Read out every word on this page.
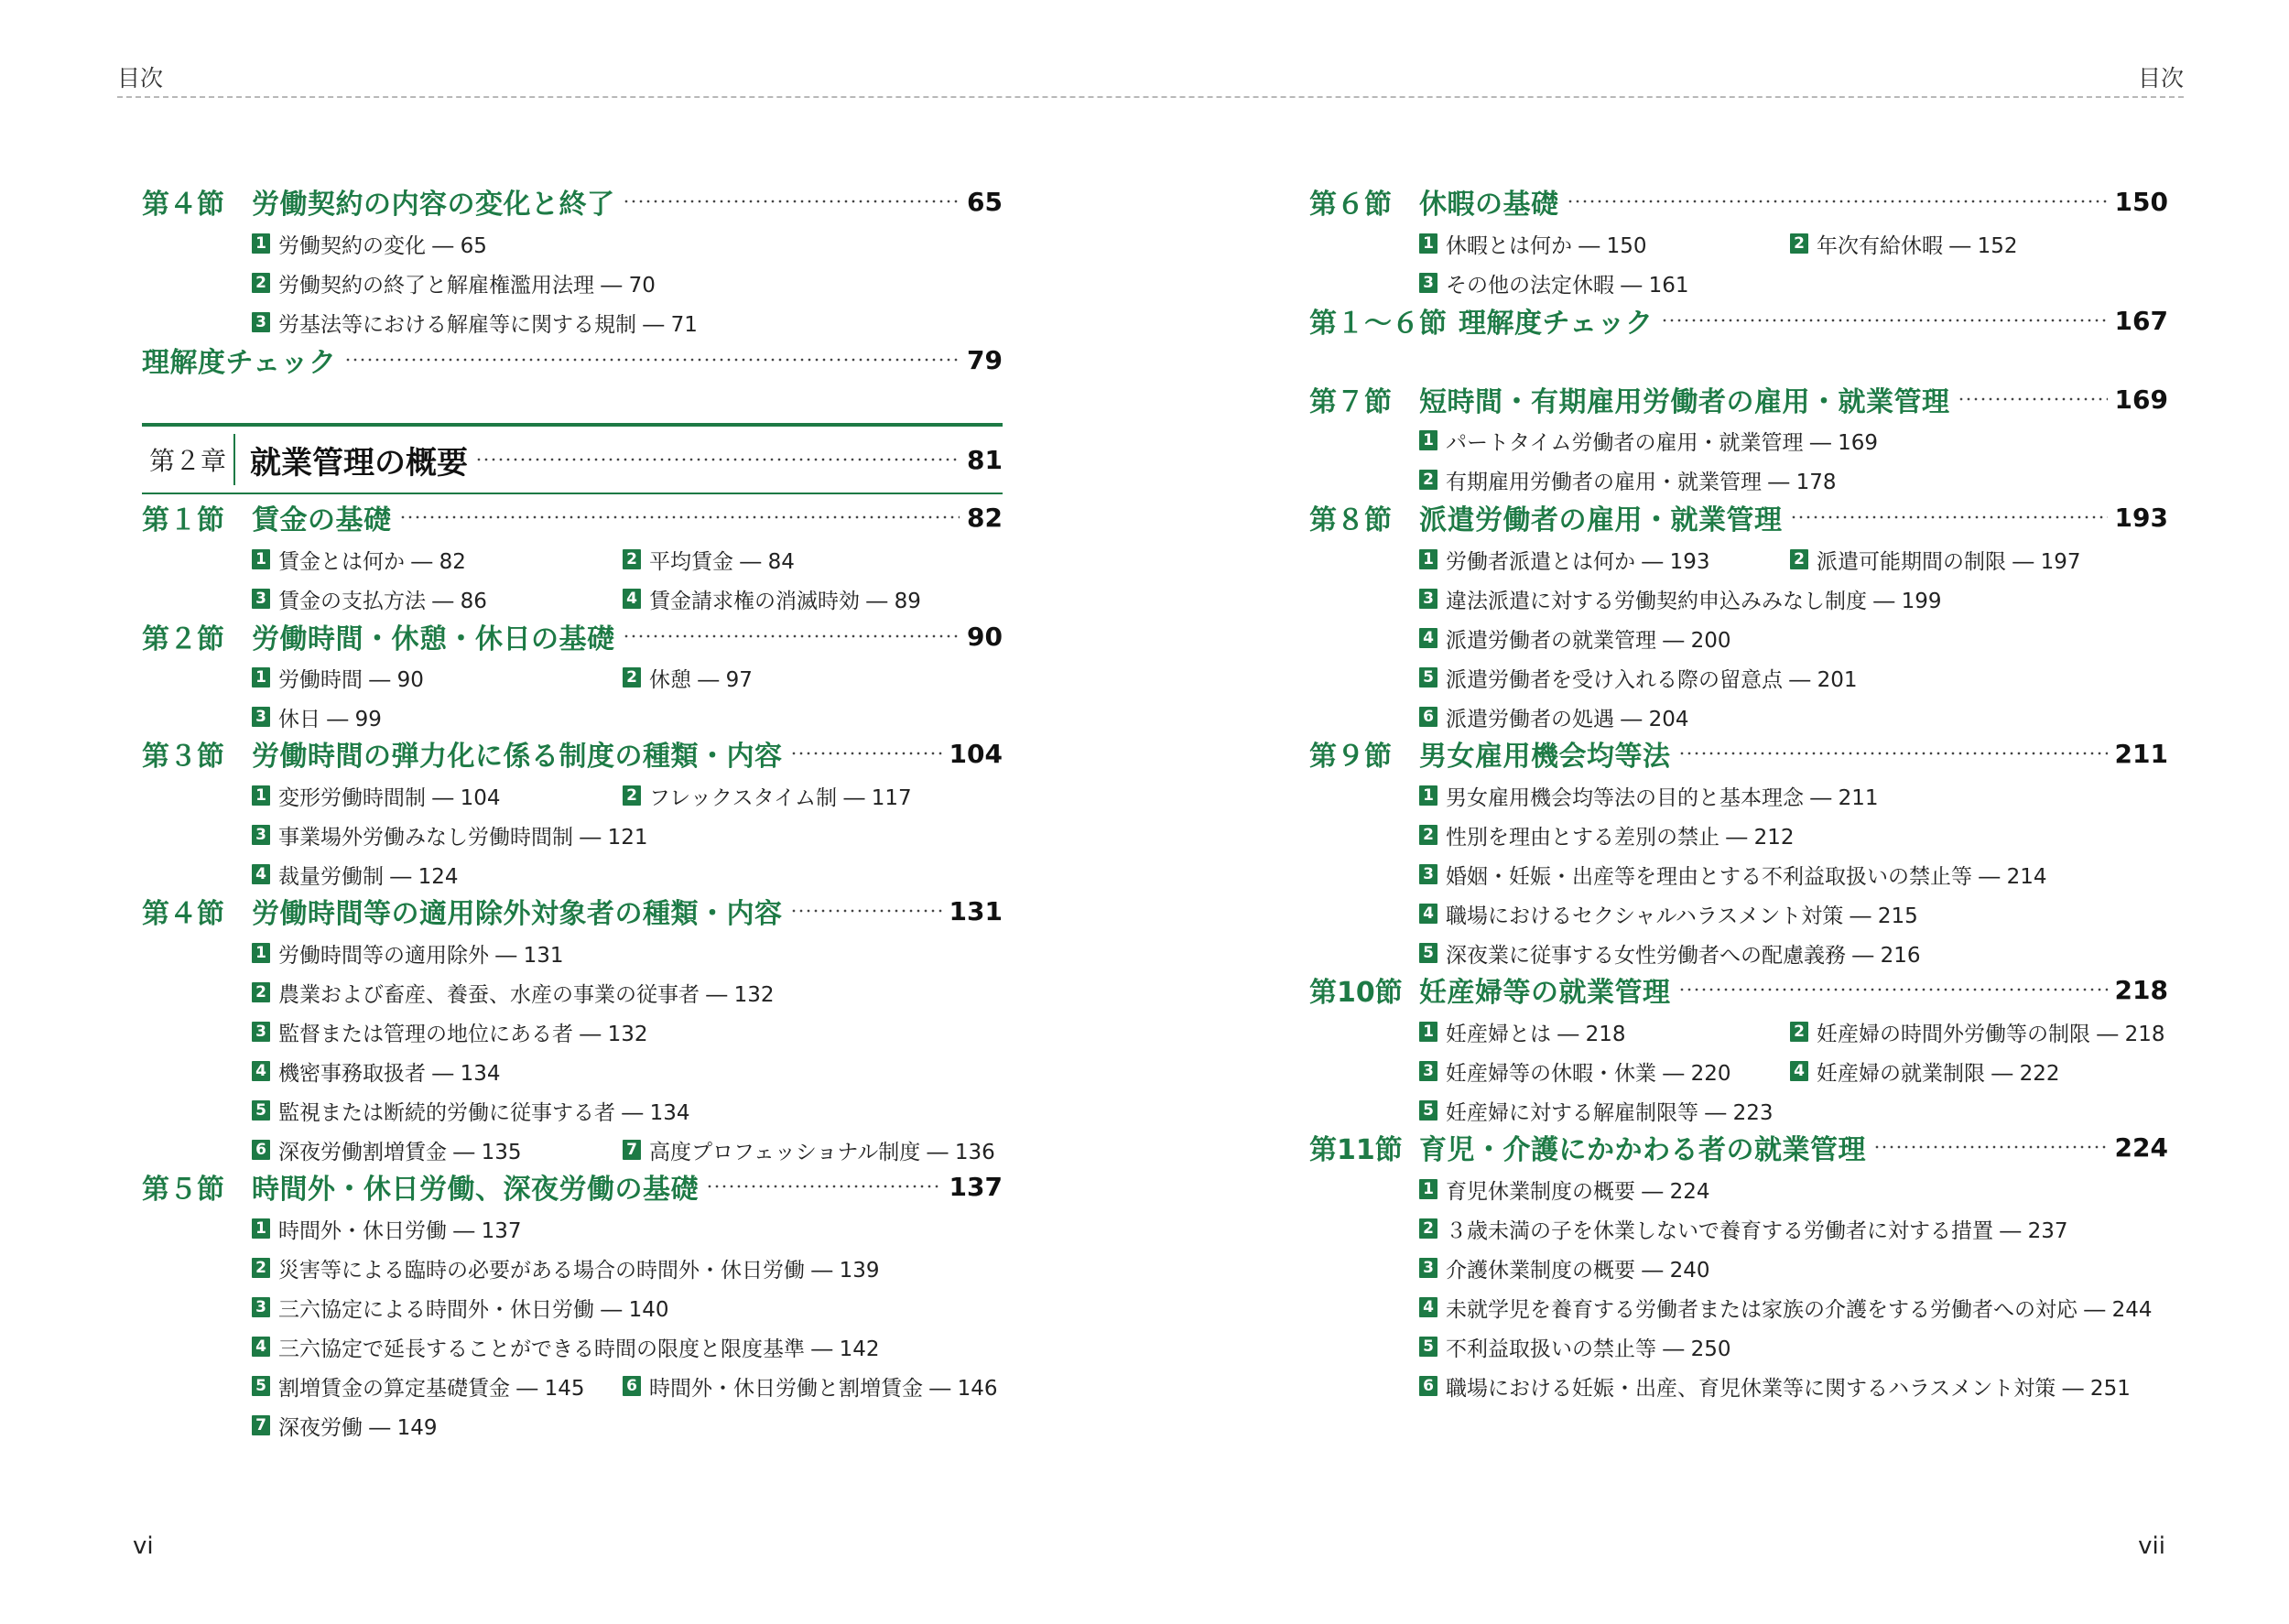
目次	目次
第４節	労働契約の内容の変化と終了	65
1 労働契約の変化 ― 65
2 労働契約の終了と解雇権濫用法理 ― 70
3 労基法等における解雇等に関する規制 ― 71
理解度チェック	79
第２章 就業管理の概要	81
第１節	賃金の基礎	82
1 賃金とは何か ― 82	2 平均賃金 ― 84
3 賃金の支払方法 ― 86	4 賃金請求権の消滅時効 ― 89
第２節	労働時間・休憩・休日の基礎	90
1 労働時間 ― 90	2 休憩 ― 97
3 休日 ― 99
第３節	労働時間の弾力化に係る制度の種類・内容	104
1 変形労働時間制 ― 104	2 フレックスタイム制 ― 117
3 事業場外労働みなし労働時間制 ― 121
4 裁量労働制 ― 124
第４節	労働時間等の適用除外対象者の種類・内容	131
1 労働時間等の適用除外 ― 131
2 農業および畜産、養蚕、水産の事業の従事者 ― 132
3 監督または管理の地位にある者 ― 132
4 機密事務取扱者 ― 134
5 監視または断続的労働に従事する者 ― 134
6 深夜労働割増賃金 ― 135	7 高度プロフェッショナル制度 ― 136
第５節	時間外・休日労働、深夜労働の基礎	137
1 時間外・休日労働 ― 137
2 災害等による臨時の必要がある場合の時間外・休日労働 ― 139
3 三六協定による時間外・休日労働 ― 140
4 三六協定で延長することができる時間の限度と限度基準 ― 142
5 割増賃金の算定基礎賃金 ― 145	6 時間外・休日労働と割増賃金 ― 146
7 深夜労働 ― 149
第６節	休暇の基礎	150
1 休暇とは何か ― 150	2 年次有給休暇 ― 152
3 その他の法定休暇 ― 161
第１～６節 理解度チェック	167
第７節	短時間・有期雇用労働者の雇用・就業管理	169
1 パートタイム労働者の雇用・就業管理 ― 169
2 有期雇用労働者の雇用・就業管理 ― 178
第８節	派遣労働者の雇用・就業管理	193
1 労働者派遣とは何か ― 193	2 派遣可能期間の制限 ― 197
3 違法派遣に対する労働契約申込みみなし制度 ― 199
4 派遣労働者の就業管理 ― 200
5 派遣労働者を受け入れる際の留意点 ― 201
6 派遣労働者の処遇 ― 204
第９節	男女雇用機会均等法	211
1 男女雇用機会均等法の目的と基本理念 ― 211
2 性別を理由とする差別の禁止 ― 212
3 婚姻・妊娠・出産等を理由とする不利益取扱いの禁止等 ― 214
4 職場におけるセクシャルハラスメント対策 ― 215
5 深夜業に従事する女性労働者への配慮義務 ― 216
第10節 妊産婦等の就業管理	218
1 妊産婦とは ― 218	2 妊産婦の時間外労働等の制限 ― 218
3 妊産婦等の休暇・休業 ― 220	4 妊産婦の就業制限 ― 222
5 妊産婦に対する解雇制限等 ― 223
第11節 育児・介護にかかわる者の就業管理	224
1 育児休業制度の概要 ― 224
2 ３歳未満の子を休業しないで養育する労働者に対する措置 ― 237
3 介護休業制度の概要 ― 240
4 未就学児を養育する労働者または家族の介護をする労働者への対応 ― 244
5 不利益取扱いの禁止等 ― 250
6 職場における妊娠・出産、育児休業等に関するハラスメント対策 ― 251
vi	vii
